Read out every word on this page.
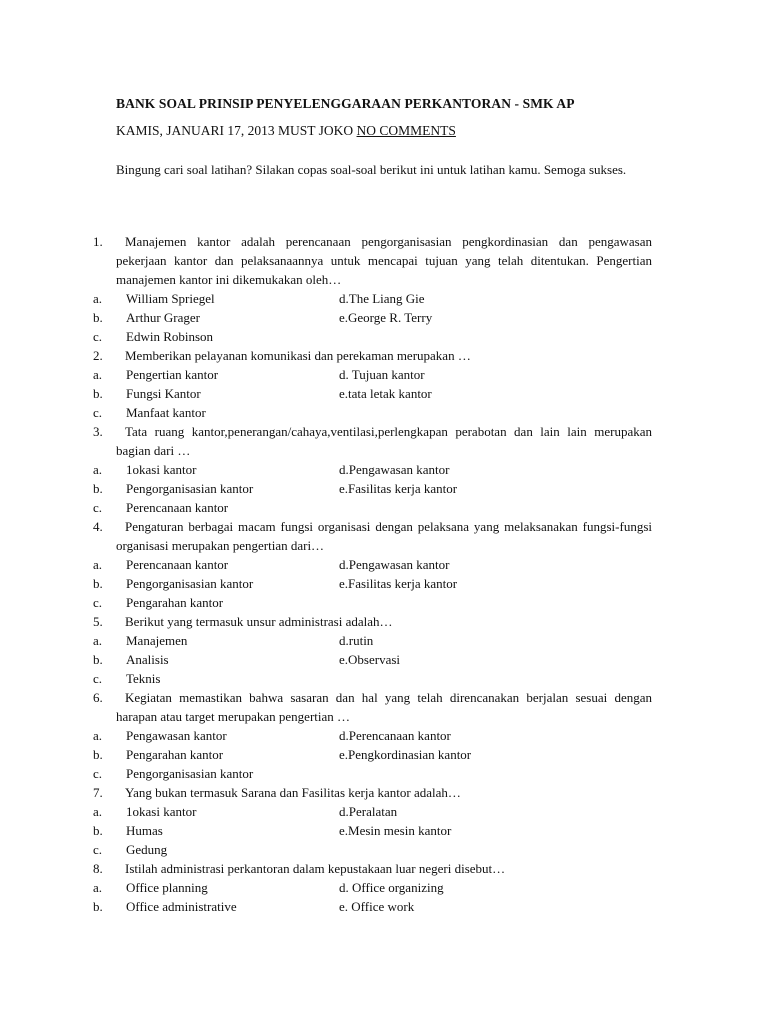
BANK SOAL PRINSIP PENYELENGGARAAN PERKANTORAN - SMK AP
KAMIS, JANUARI 17, 2013 MUST JOKO NO COMMENTS
Bingung cari soal latihan? Silakan copas soal-soal berikut ini untuk latihan kamu. Semoga sukses.
1.	Manajemen kantor adalah perencanaan pengorganisasian pengkordinasian dan pengawasan pekerjaan kantor dan pelaksanaannya untuk mencapai tujuan yang telah ditentukan. Pengertian manajemen kantor ini dikemukakan oleh…
a. William Spriegel	d.The Liang Gie
b. Arthur Grager	e.George R. Terry
c. Edwin Robinson
2.	Memberikan pelayanan komunikasi dan perekaman merupakan …
a. Pengertian kantor	d. Tujuan kantor
b. Fungsi Kantor	e.tata letak kantor
c. Manfaat kantor
3.	Tata ruang kantor,penerangan/cahaya,ventilasi,perlengkapan perabotan dan lain lain merupakan bagian dari …
a. 1okasi kantor	d.Pengawasan kantor
b. Pengorganisasian kantor	e.Fasilitas kerja kantor
c. Perencanaan kantor
4.	Pengaturan berbagai macam fungsi organisasi dengan pelaksana yang melaksanakan fungsi-fungsi organisasi merupakan pengertian dari…
a. Perencanaan kantor	d.Pengawasan kantor
b. Pengorganisasian kantor	e.Fasilitas kerja kantor
c. Pengarahan kantor
5.	Berikut yang termasuk unsur administrasi adalah…
a. Manajemen	d.rutin
b. Analisis	e.Observasi
c. Teknis
6.	Kegiatan memastikan bahwa sasaran dan hal yang telah direncanakan berjalan sesuai dengan harapan atau target merupakan pengertian …
a. Pengawasan kantor	d.Perencanaan kantor
b. Pengarahan kantor	e.Pengkordinasian kantor
c. Pengorganisasian kantor
7.	Yang bukan termasuk Sarana dan Fasilitas kerja kantor adalah…
a. 1okasi kantor	d.Peralatan
b. Humas	e.Mesin mesin kantor
c. Gedung
8.	Istilah administrasi perkantoran dalam kepustakaan luar negeri disebut…
a. Office planning	d. Office organizing
b. Office administrative	e. Office work
